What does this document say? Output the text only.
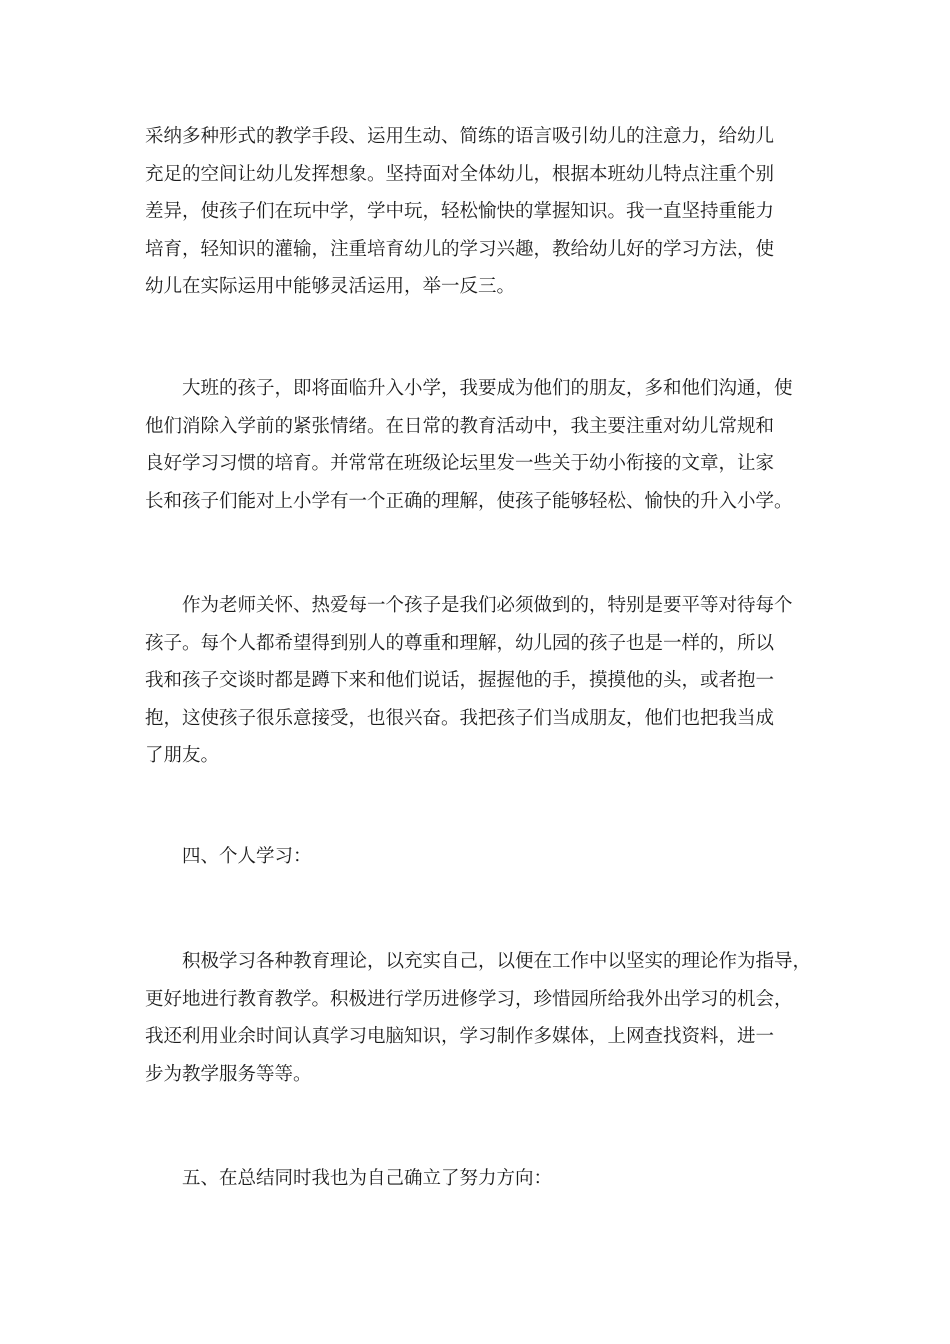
采纳多种形式的教学手段、运用生动、简练的语言吸引幼儿的注意力，给幼儿
充足的空间让幼儿发挥想象。坚持面对全体幼儿，根据本班幼儿特点注重个别
差异，使孩子们在玩中学，学中玩，轻松愉快的掌握知识。我一直坚持重能力
培育，轻知识的灌输，注重培育幼儿的学习兴趣，教给幼儿好的学习方法，使
幼儿在实际运用中能够灵活运用，举一反三。

　　大班的孩子，即将面临升入小学，我要成为他们的朋友，多和他们沟通，使
他们消除入学前的紧张情绪。在日常的教育活动中，我主要注重对幼儿常规和
良好学习习惯的培育。并常常在班级论坛里发一些关于幼小衔接的文章，让家
长和孩子们能对上小学有一个正确的理解，使孩子能够轻松、愉快的升入小学。

　　作为老师关怀、热爱每一个孩子是我们必须做到的，特别是要平等对待每个
孩子。每个人都希望得到别人的尊重和理解，幼儿园的孩子也是一样的，所以
我和孩子交谈时都是蹲下来和他们说话，握握他的手，摸摸他的头，或者抱一
抱，这使孩子很乐意接受，也很兴奋。我把孩子们当成朋友，他们也把我当成
了朋友。

　　四、个人学习：

　　积极学习各种教育理论，以充实自己，以便在工作中以坚实的理论作为指导，
更好地进行教育教学。积极进行学历进修学习，珍惜园所给我外出学习的机会，
我还利用业余时间认真学习电脑知识，学习制作多媒体，上网查找资料，进一
步为教学服务等等。

　　五、在总结同时我也为自己确立了努力方向：
